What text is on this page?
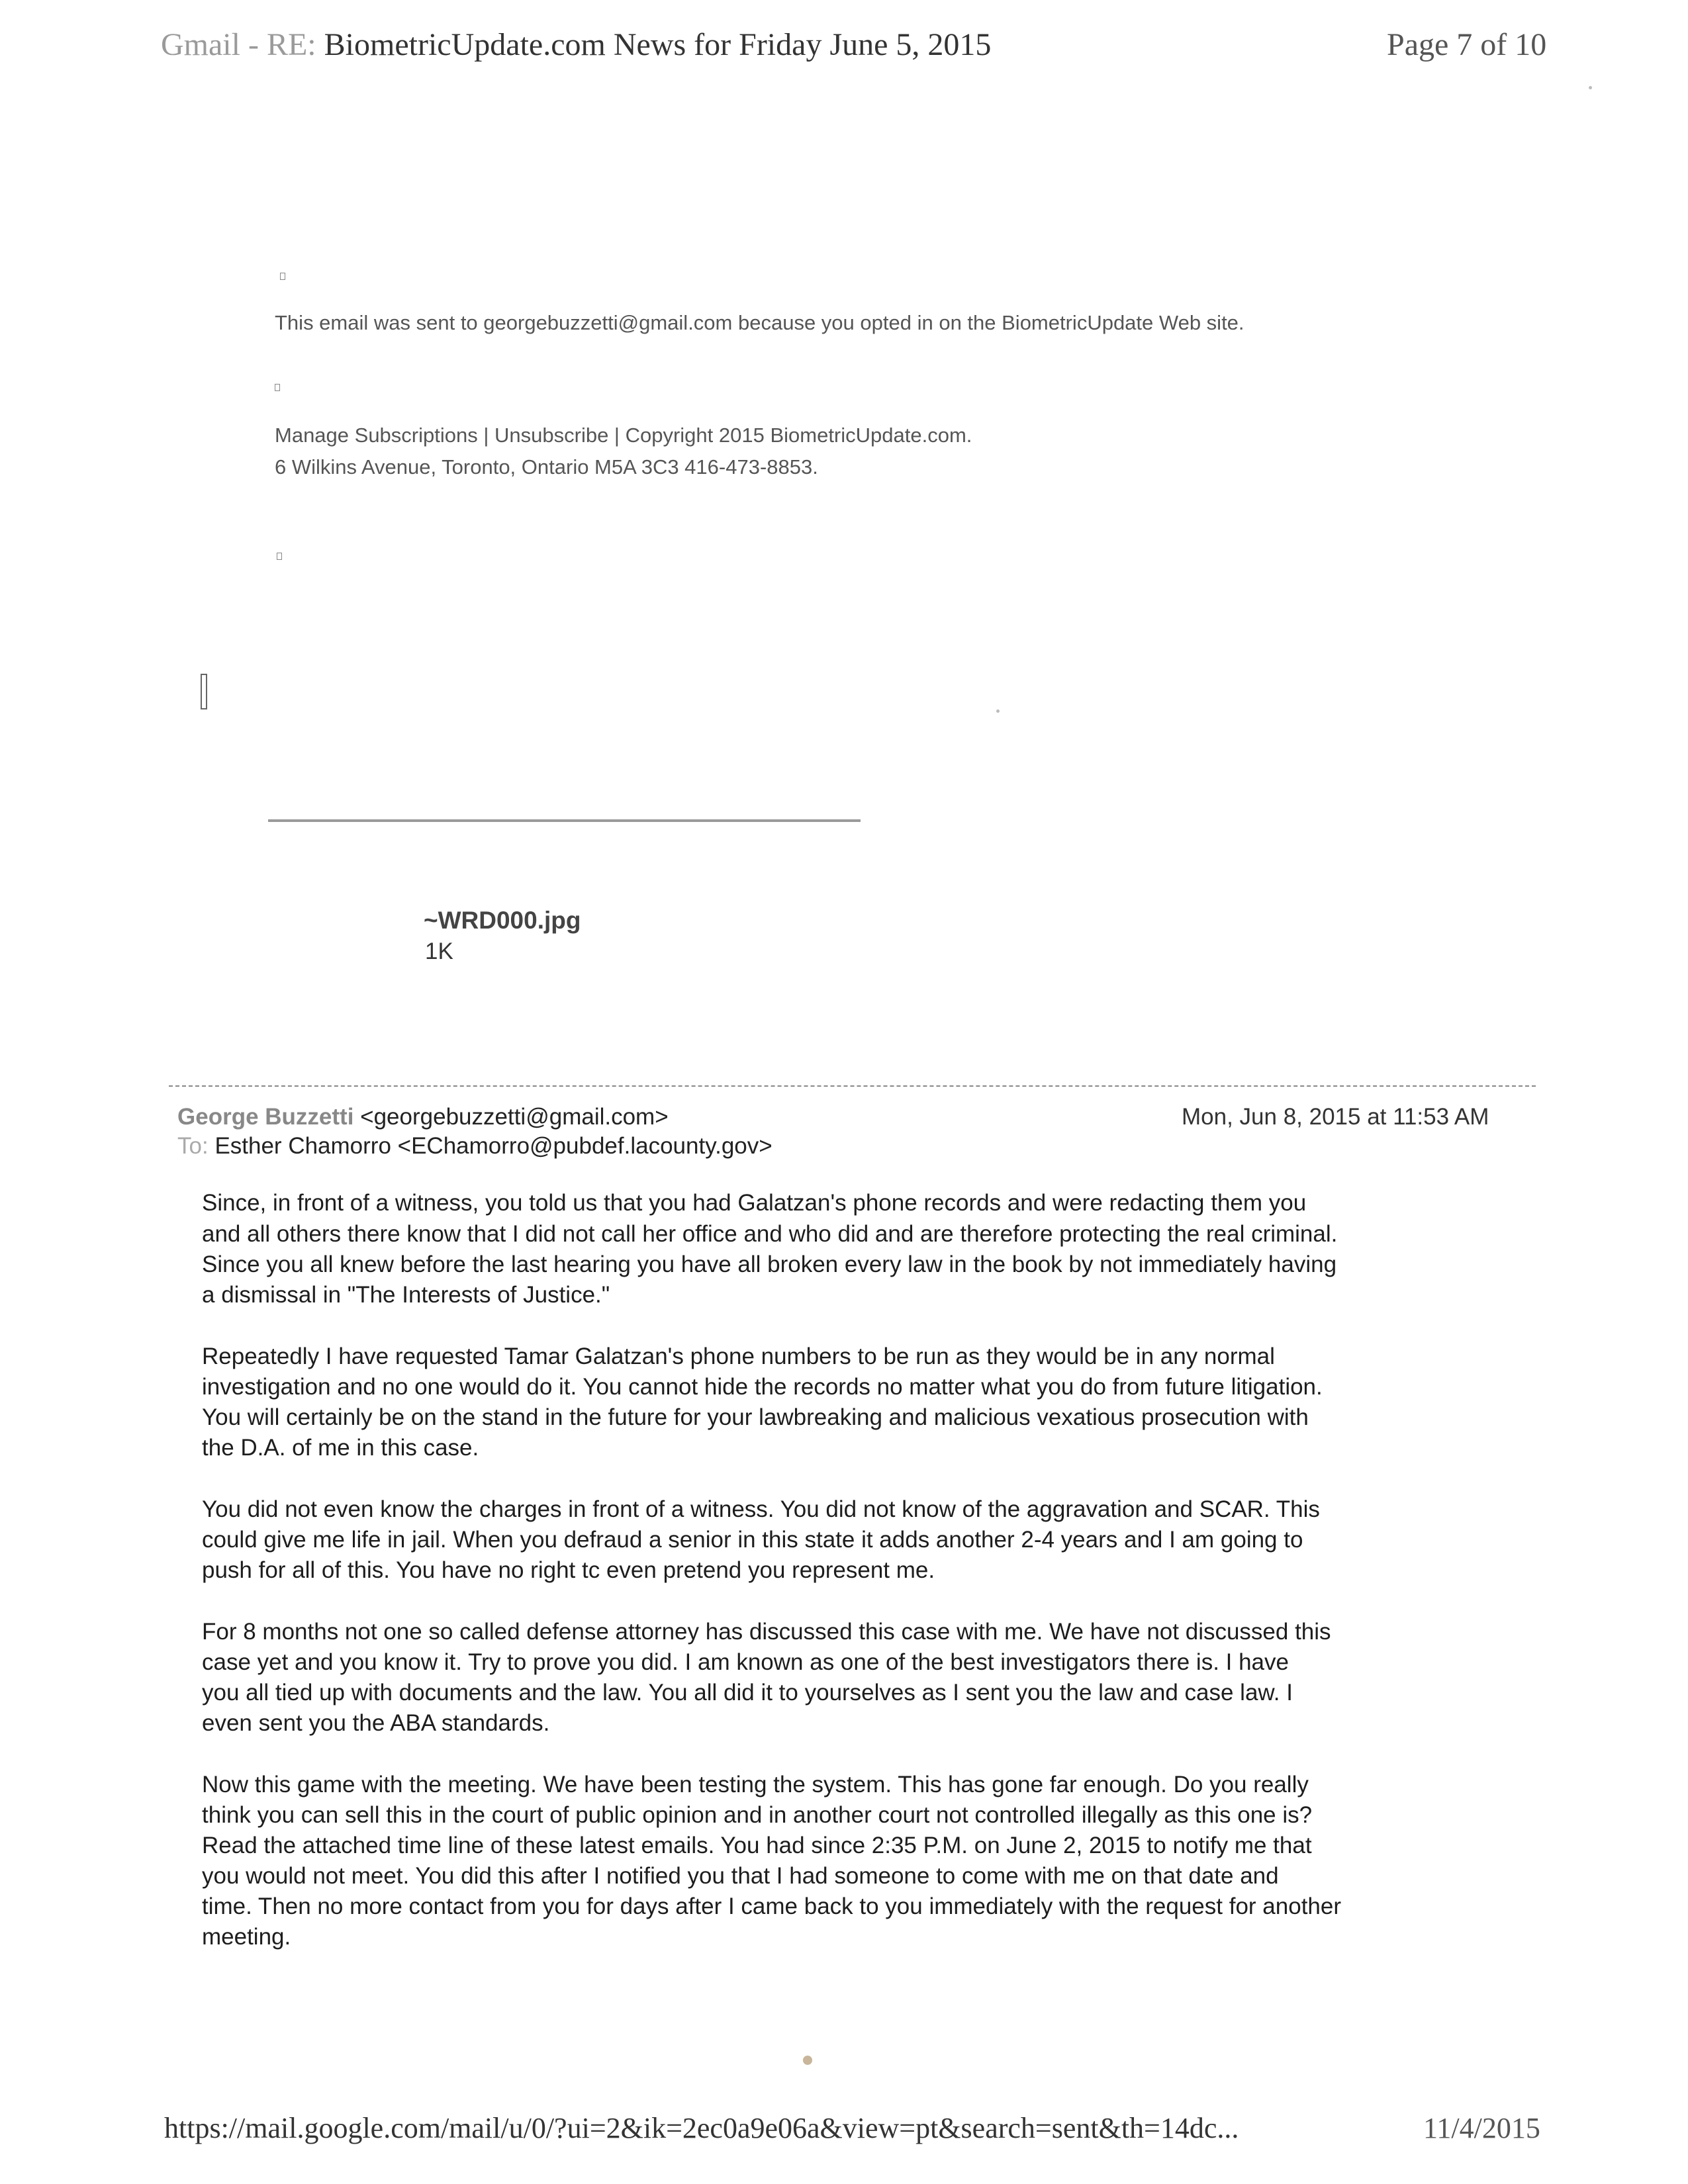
Gmail - RE: BiometricUpdate.com News for Friday June 5, 2015	Page 7 of 10
This email was sent to georgebuzzetti@gmail.com because you opted in on the BiometricUpdate Web site.
Manage Subscriptions | Unsubscribe | Copyright 2015 BiometricUpdate.com.
6 Wilkins Avenue, Toronto, Ontario M5A 3C3 416-473-8853.
~WRD000.jpg
1K
George Buzzetti <georgebuzzetti@gmail.com>	Mon, Jun 8, 2015 at 11:53 AM
To: Esther Chamorro <EChamorro@pubdef.lacounty.gov>
Since, in front of a witness, you told us that you had Galatzan's phone records and were redacting them you
and all others there know that I did not call her office and who did and are therefore protecting the real criminal.
Since you all knew before the last hearing you have all broken every law in the book by not immediately having
a dismissal in "The Interests of Justice."
Repeatedly I have requested Tamar Galatzan's phone numbers to be run as they would be in any normal
investigation and no one would do it. You cannot hide the records no matter what you do from future litigation.
You will certainly be on the stand in the future for your lawbreaking and malicious vexatious prosecution with
the D.A. of me in this case.
You did not even know the charges in front of a witness. You did not know of the aggravation and SCAR. This
could give me life in jail. When you defraud a senior in this state it adds another 2-4 years and I am going to
push for all of this. You have no right tc even pretend you represent me.
For 8 months not one so called defense attorney has discussed this case with me. We have not discussed this
case yet and you know it. Try to prove you did. I am known as one of the best investigators there is. I have
you all tied up with documents and the law. You all did it to yourselves as I sent you the law and case law. I
even sent you the ABA standards.
Now this game with the meeting. We have been testing the system. This has gone far enough. Do you really
think you can sell this in the court of public opinion and in another court not controlled illegally as this one is?
Read the attached time line of these latest emails. You had since 2:35 P.M. on June 2, 2015 to notify me that
you would not meet. You did this after I notified you that I had someone to come with me on that date and
time. Then no more contact from you for days after I came back to you immediately with the request for another
meeting.
https://mail.google.com/mail/u/0/?ui=2&ik=2ec0a9e06a&view=pt&search=sent&th=14dc...	11/4/2015
